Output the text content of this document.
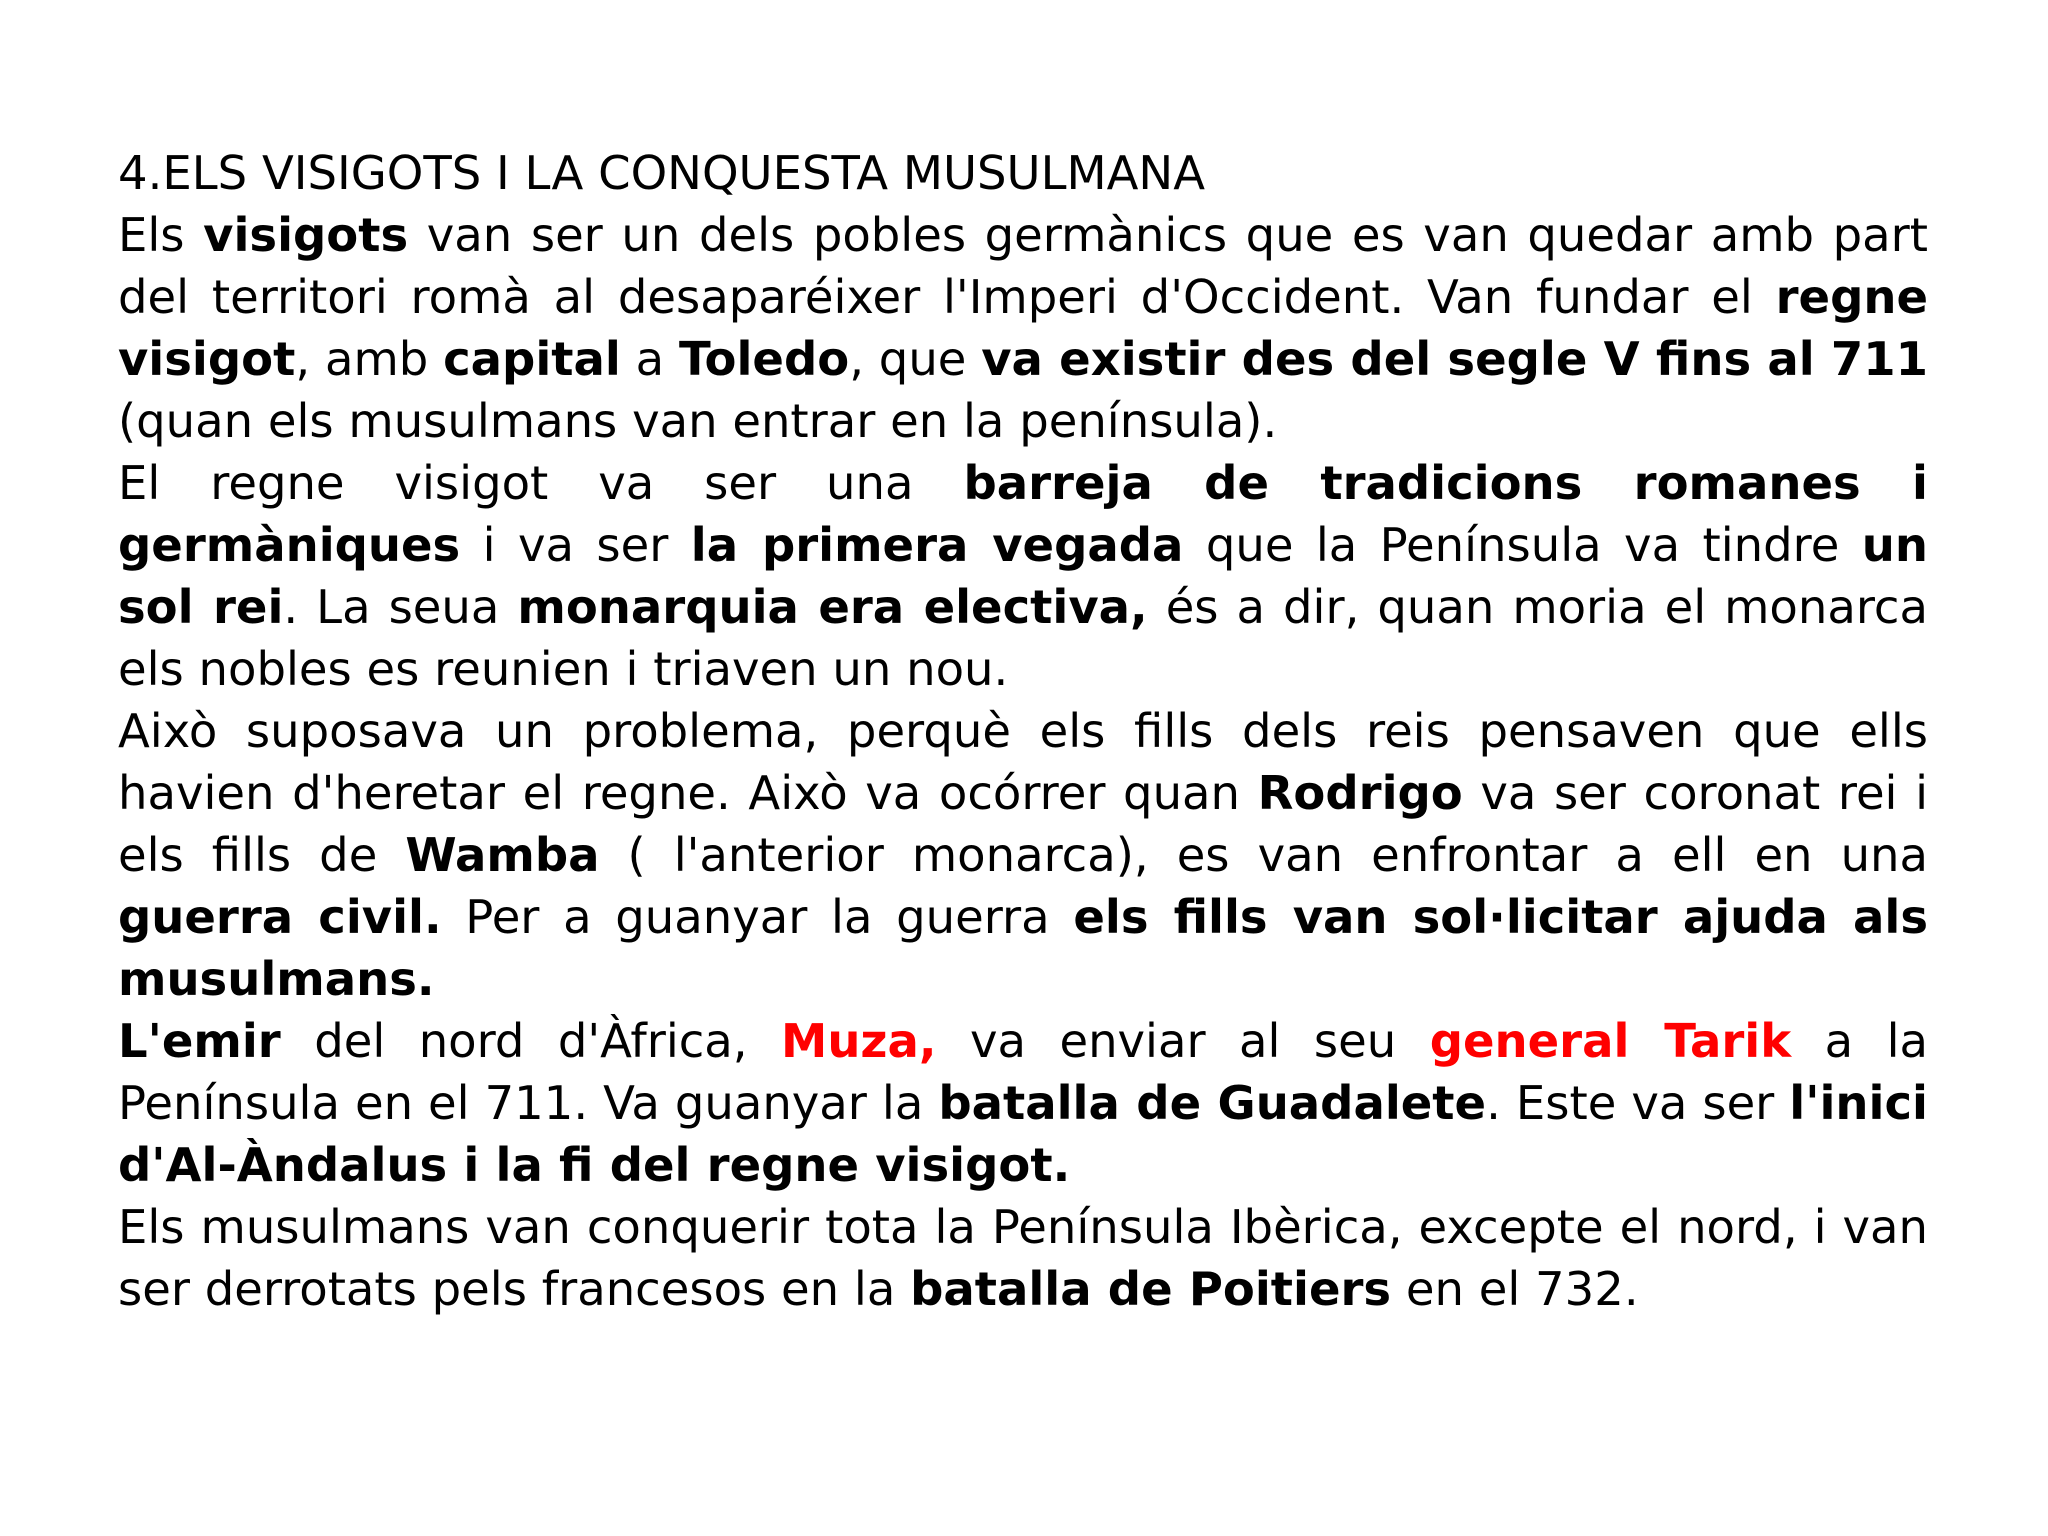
4.ELS VISIGOTS I LA CONQUESTA MUSULMANA

Els visigots van ser un dels pobles germànics que es van quedar amb part del territori romà al desaparéixer l'Imperi d'Occident. Van fundar el regne visigot, amb capital a Toledo, que va existir des del segle V fins al 711 (quan els musulmans van entrar en la península).

El regne visigot va ser una barreja de tradicions romanes i germàniques i va ser la primera vegada que la Península va tindre un sol rei. La seua monarquia era electiva, és a dir, quan moria el monarca els nobles es reunien i triaven un nou.

Això suposava un problema, perquè els fills dels reis pensaven que ells havien d'heretar el regne. Això va ocórrer quan Rodrigo va ser coronat rei i els fills de Wamba ( l'anterior monarca), es van enfrontar a ell en una guerra civil. Per a guanyar la guerra els fills van sol·licitar ajuda als musulmans.

L'emir del nord d'Àfrica, Muza, va enviar al seu general Tarik a la Península en el 711. Va guanyar la batalla de Guadalete. Este va ser l'inici d'Al-Àndalus i la fi del regne visigot.

Els musulmans van conquerir tota la Península Ibèrica, excepte el nord, i van ser derrotats pels francesos en la batalla de Poitiers en el 732.
